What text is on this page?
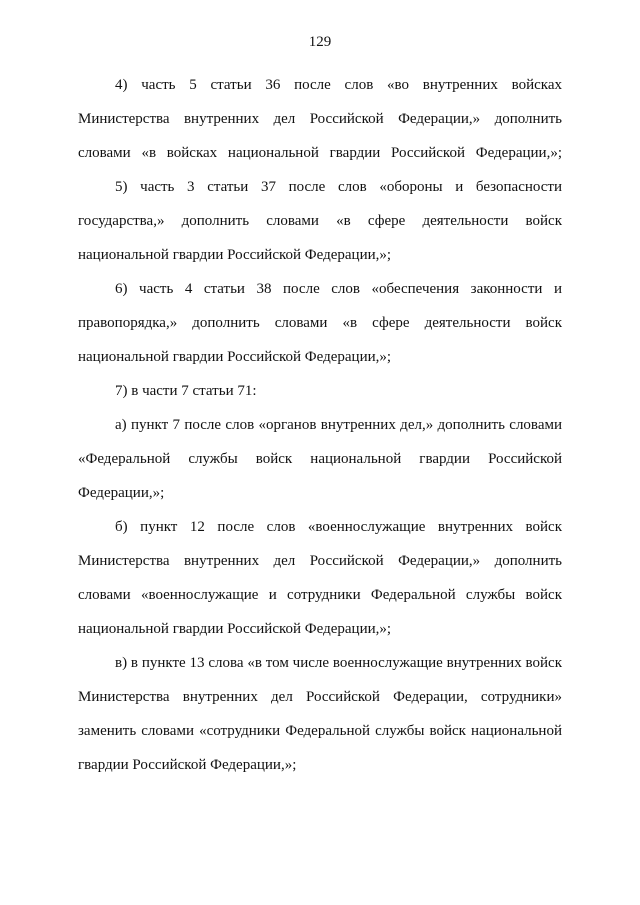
129
4) часть 5 статьи 36 после слов «во внутренних войсках
Министерства внутренних дел Российской Федерации,» дополнить
словами «в войсках национальной гвардии Российской Федерации,»;
5) часть 3 статьи 37 после слов «обороны и безопасности
государства,» дополнить словами «в сфере деятельности войск
национальной гвардии Российской Федерации,»;
6) часть 4 статьи 38 после слов «обеспечения законности и
правопорядка,» дополнить словами «в сфере деятельности войск
национальной гвардии Российской Федерации,»;
7) в части 7 статьи 71:
а) пункт 7 после слов «органов внутренних дел,» дополнить словами
«Федеральной службы войск национальной гвардии Российской
Федерации,»;
б) пункт 12 после слов «военнослужащие внутренних войск
Министерства внутренних дел Российской Федерации,» дополнить
словами «военнослужащие и сотрудники Федеральной службы войск
национальной гвардии Российской Федерации,»;
в) в пункте 13 слова «в том числе военнослужащие внутренних войск
Министерства внутренних дел Российской Федерации, сотрудники»
заменить словами «сотрудники Федеральной службы войск национальной
гвардии Российской Федерации,»;
